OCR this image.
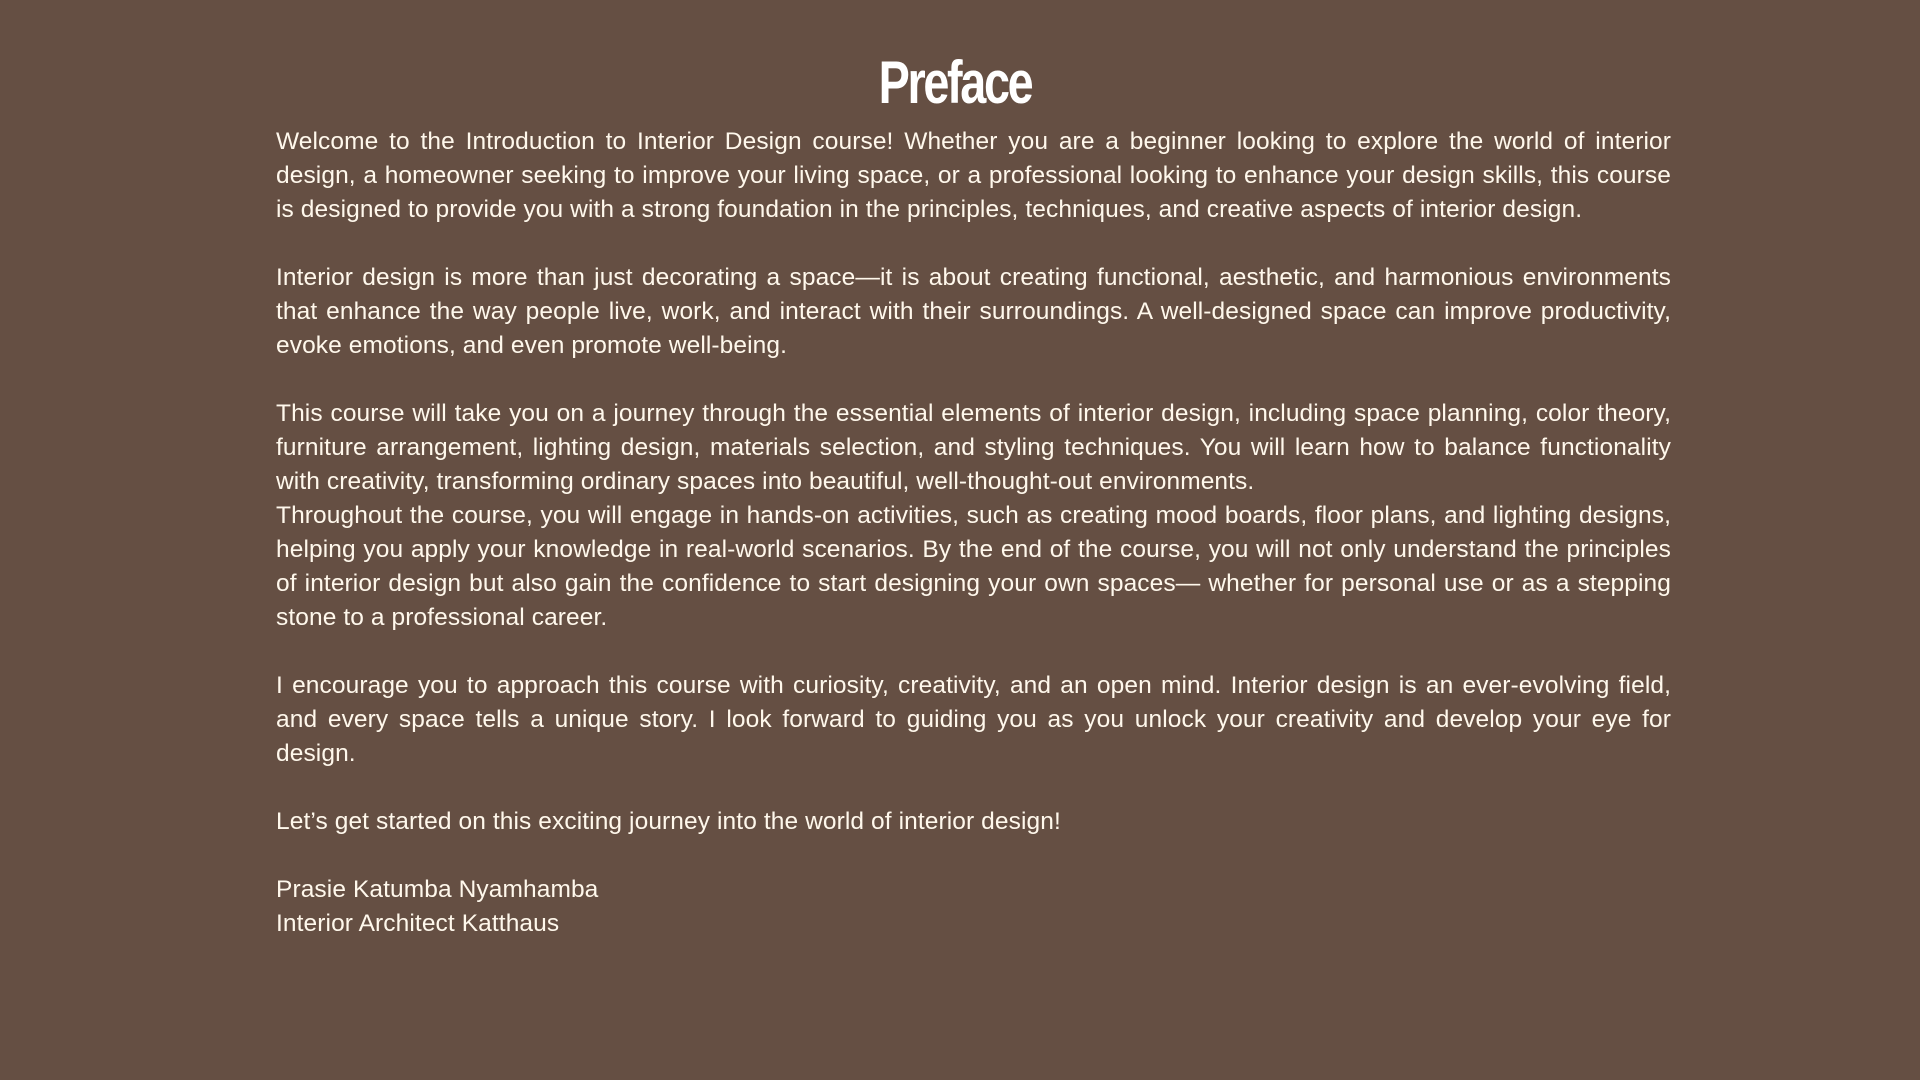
Preface

Welcome to the Introduction to Interior Design course! Whether you are a beginner looking to explore the world of interior design, a homeowner seeking to improve your living space, or a professional looking to enhance your design skills, this course is designed to provide you with a strong foundation in the principles, techniques, and creative aspects of interior design.

Interior design is more than just decorating a space—it is about creating functional, aesthetic, and harmonious environments that enhance the way people live, work, and interact with their surroundings. A well-designed space can improve productivity, evoke emotions, and even promote well-being.

This course will take you on a journey through the essential elements of interior design, including space planning, color theory, furniture arrangement, lighting design, materials selection, and styling techniques. You will learn how to balance functionality with creativity, transforming ordinary spaces into beautiful, well-thought-out environments.

Throughout the course, you will engage in hands-on activities, such as creating mood boards, floor plans, and lighting designs, helping you apply your knowledge in real-world scenarios. By the end of the course, you will not only understand the principles of interior design but also gain the confidence to start designing your own spaces— whether for personal use or as a stepping stone to a professional career.

I encourage you to approach this course with curiosity, creativity, and an open mind. Interior design is an ever-evolving field, and every space tells a unique story. I look forward to guiding you as you unlock your creativity and develop your eye for design.

Let’s get started on this exciting journey into the world of interior design!

Prasie Katumba Nyamhamba
Interior Architect Katthaus
